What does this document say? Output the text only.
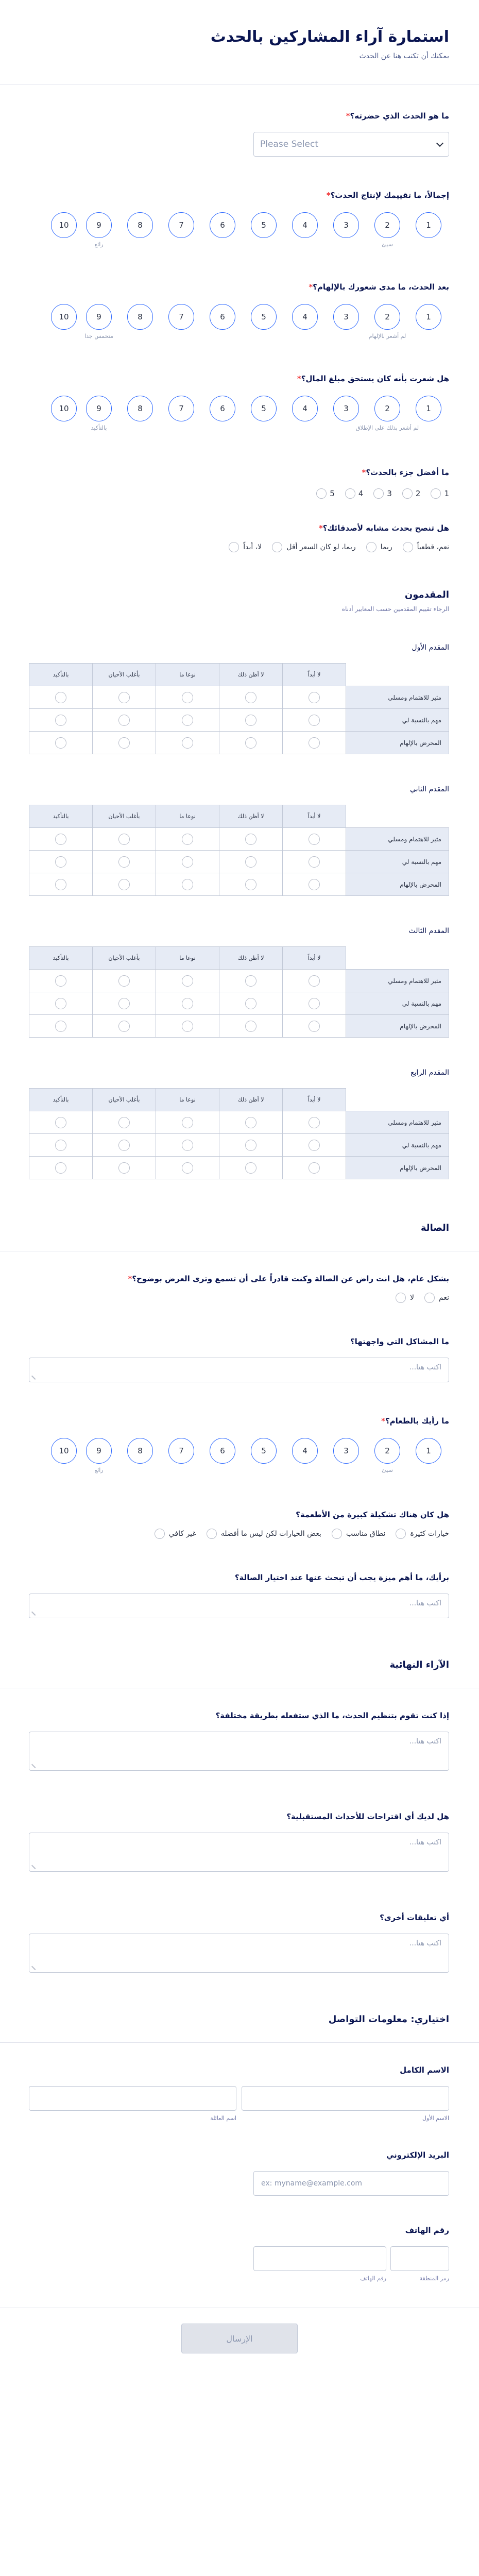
استمارة آراء المشاركين بالحدث

يمكنك أن تكتب هنا عن الحدث

ما هو الحدث الذي حضرته؟*
Please Select
إجمالاً، ما تقييمك لإنتاج الحدث؟*
1
2
سيئ
3
4
5
6
7
8
9
رائع
10
بعد الحدث، ما مدى شعورك بالإلهام؟*
1
2
لم أشعر بالإلهام
3
4
5
6
7
8
9
متحمس جدا
10
هل شعرت بأنه كان يستحق مبلغ المال؟*
1
2
لم أشعر بذلك على الإطلاق
3
4
5
6
7
8
9
بالتأكيد
10
ما أفضل جزء بالحدث؟*
1
2
3
4
5
هل تنصح بحدث مشابه لأصدقائك؟*
نعم، قطعياً
ربما
ربما، لو كان السعر أقل
لا، أبداً
المقدمون
الرجاء تقييم المقدمين حسب المعايير أدناه
المقدم الأول
	لا أبداً	لا أظن ذلك	نوعا ما	بأغلب الأحيان	بالتأكيد
مثير للاهتمام ومسلي					
مهم بالنسبة لي					
المحرض بالإلهام					
المقدم الثاني
	لا أبداً	لا أظن ذلك	نوعا ما	بأغلب الأحيان	بالتأكيد
مثير للاهتمام ومسلي					
مهم بالنسبة لي					
المحرض بالإلهام					
المقدم الثالث
	لا أبداً	لا أظن ذلك	نوعا ما	بأغلب الأحيان	بالتأكيد
مثير للاهتمام ومسلي					
مهم بالنسبة لي					
المحرض بالإلهام					
المقدم الرابع
	لا أبداً	لا أظن ذلك	نوعا ما	بأغلب الأحيان	بالتأكيد
مثير للاهتمام ومسلي					
مهم بالنسبة لي					
المحرض بالإلهام					
الصالة
بشكل عام، هل انت راض عن الصالة وكنت قادراً على أن تسمع وترى العرض بوضوح؟*
نعم
لا
ما المشاكل التي واجهتها؟
اكتب هنا...
ما رأيك بالطعام؟*
1
2
سيئ
3
4
5
6
7
8
9
رائع
10
هل كان هناك تشكيلة كبيرة من الأطعمة؟
خيارات كثيرة
نطاق مناسب
بعض الخيارات لكن ليس ما أفضله
غير كافي
برأيك، ما أهم ميزة يجب أن تبحث عنها عند اختيار الصالة؟
اكتب هنا...
الآراء النهائية
إذا كنت تقوم بتنظيم الحدث، ما الذي ستفعله بطريقة مختلفة؟
اكتب هنا...
هل لديك أي اقتراحات للأحداث المستقبلية؟
اكتب هنا...
أي تعليقات أخرى؟
اكتب هنا...
اختياري: معلومات التواصل
الاسم الكامل
الاسم الأول
اسم العائلة
البريد الإلكتروني
ex: myname@example.com
رقم الهاتف
رمز المنطقة
رقم الهاتف
الإرسال
